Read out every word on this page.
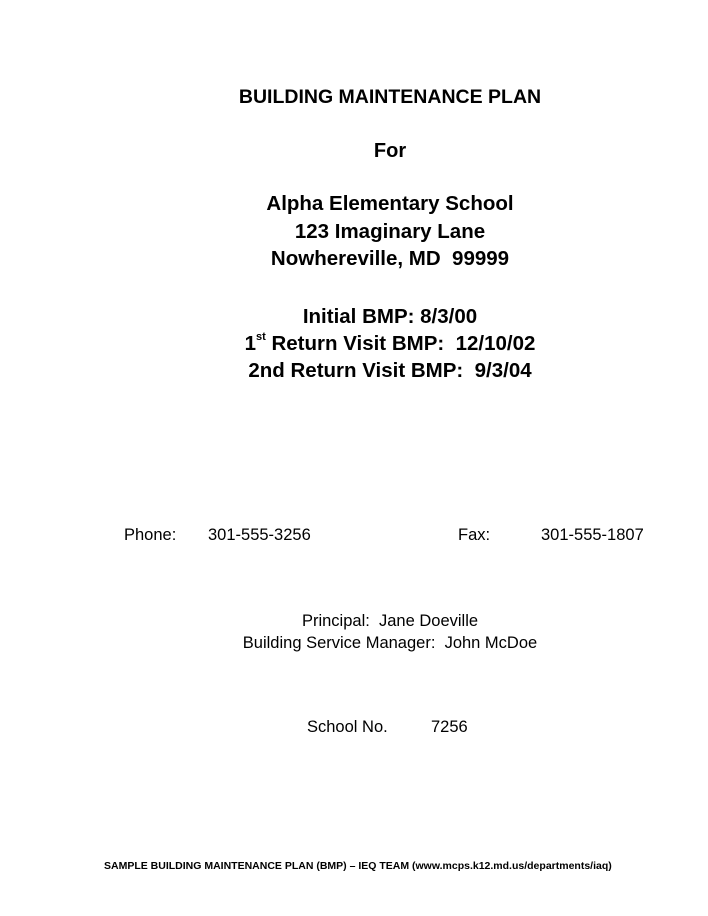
BUILDING MAINTENANCE PLAN
For
Alpha Elementary School
123 Imaginary Lane
Nowhereville, MD  99999
Initial BMP: 8/3/00
1st Return Visit BMP:  12/10/02
2nd Return Visit BMP:  9/3/04
Phone: 301-555-3256	Fax:	301-555-1807
Principal:  Jane Doeville
Building Service Manager:  John McDoe
School No.	7256
SAMPLE BUILDING MAINTENANCE PLAN (BMP) – IEQ TEAM (www.mcps.k12.md.us/departments/iaq)
